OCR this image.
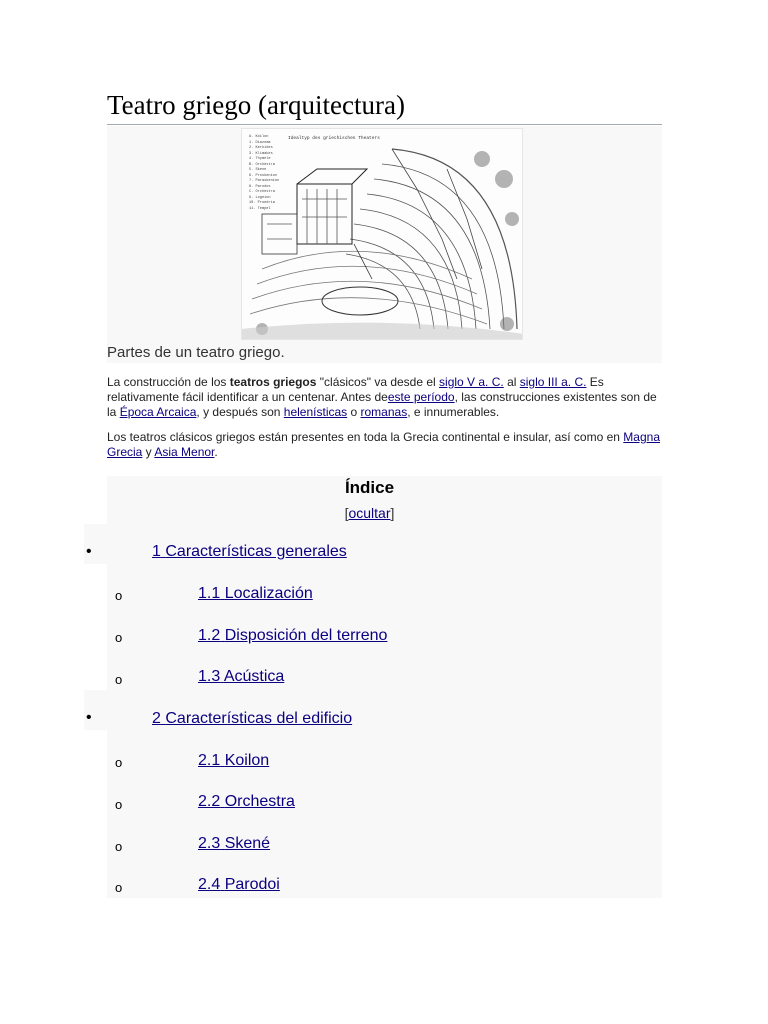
Teatro griego (arquitectura)
Idealtyp des griechischen Theaters
A. Koilon
1. Diazoma
2. Kerkides
3. Klimakes
4. Thymele
B. Orchestra
5. Skene
6. Proskenion
7. Paraskenion
8. Parodos
C. Orchestra
9. Logeion
10. Proedria
11. Tempel
Partes de un teatro griego.

La construcción de los teatros griegos "clásicos" va desde el siglo V a. C. al siglo III a. C. Es relativamente fácil identificar a un centenar. Antes deeste período, las construcciones existentes son de la Época Arcaica, y después son helenísticas o romanas, e innumerables.

Los teatros clásicos griegos están presentes en toda la Grecia continental e insular, así como en Magna Grecia y Asia Menor.

Índice
[ocultar]
•	1 Características generales
o	1.1 Localización
o	1.2 Disposición del terreno
o	1.3 Acústica
•	2 Características del edificio
o	2.1 Koilon
o	2.2 Orchestra
o	2.3 Skené
o	2.4 Parodoi
